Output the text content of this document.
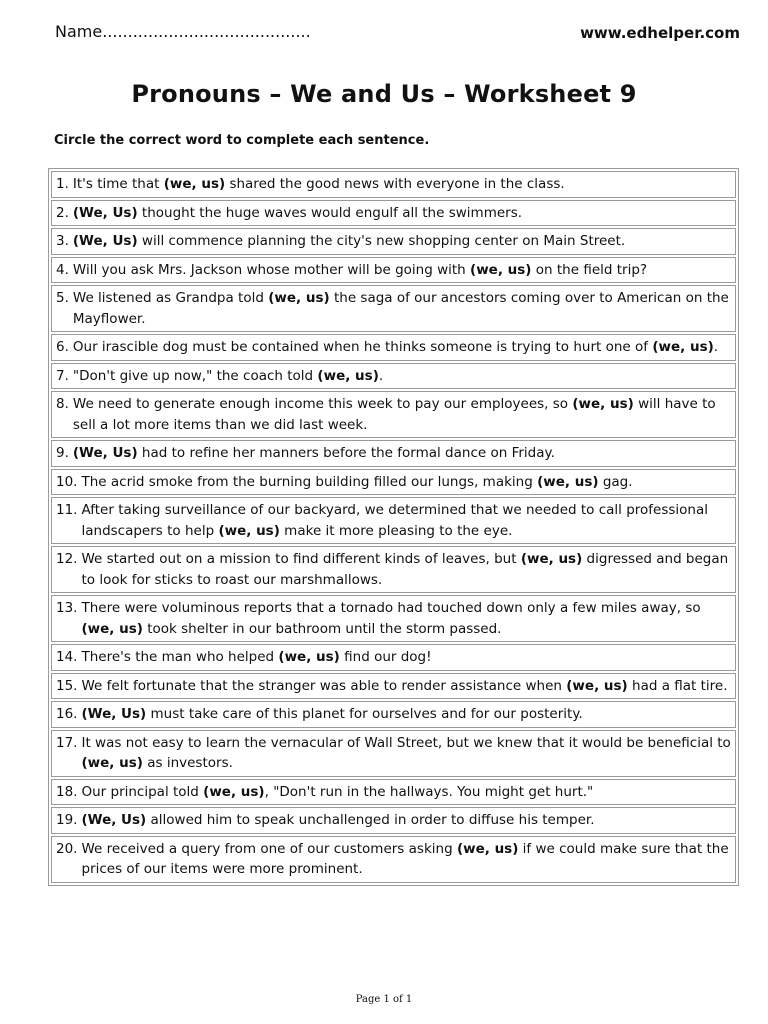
Name.........................................	www.edhelper.com
Pronouns – We and Us – Worksheet 9
Circle the correct word to complete each sentence.
1. It's time that (we, us) shared the good news with everyone in the class.
2. (We, Us) thought the huge waves would engulf all the swimmers.
3. (We, Us) will commence planning the city's new shopping center on Main Street.
4. Will you ask Mrs. Jackson whose mother will be going with (we, us) on the field trip?
5. We listened as Grandpa told (we, us) the saga of our ancestors coming over to American on the Mayflower.
6. Our irascible dog must be contained when he thinks someone is trying to hurt one of (we, us).
7. "Don't give up now," the coach told (we, us).
8. We need to generate enough income this week to pay our employees, so (we, us) will have to sell a lot more items than we did last week.
9. (We, Us) had to refine her manners before the formal dance on Friday.
10. The acrid smoke from the burning building filled our lungs, making (we, us) gag.
11. After taking surveillance of our backyard, we determined that we needed to call professional landscapers to help (we, us) make it more pleasing to the eye.
12. We started out on a mission to find different kinds of leaves, but (we, us) digressed and began to look for sticks to roast our marshmallows.
13. There were voluminous reports that a tornado had touched down only a few miles away, so (we, us) took shelter in our bathroom until the storm passed.
14. There's the man who helped (we, us) find our dog!
15. We felt fortunate that the stranger was able to render assistance when (we, us) had a flat tire.
16. (We, Us) must take care of this planet for ourselves and for our posterity.
17. It was not easy to learn the vernacular of Wall Street, but we knew that it would be beneficial to (we, us) as investors.
18. Our principal told (we, us), "Don't run in the hallways. You might get hurt."
19. (We, Us) allowed him to speak unchallenged in order to diffuse his temper.
20. We received a query from one of our customers asking (we, us) if we could make sure that the prices of our items were more prominent.
Page 1 of 1
